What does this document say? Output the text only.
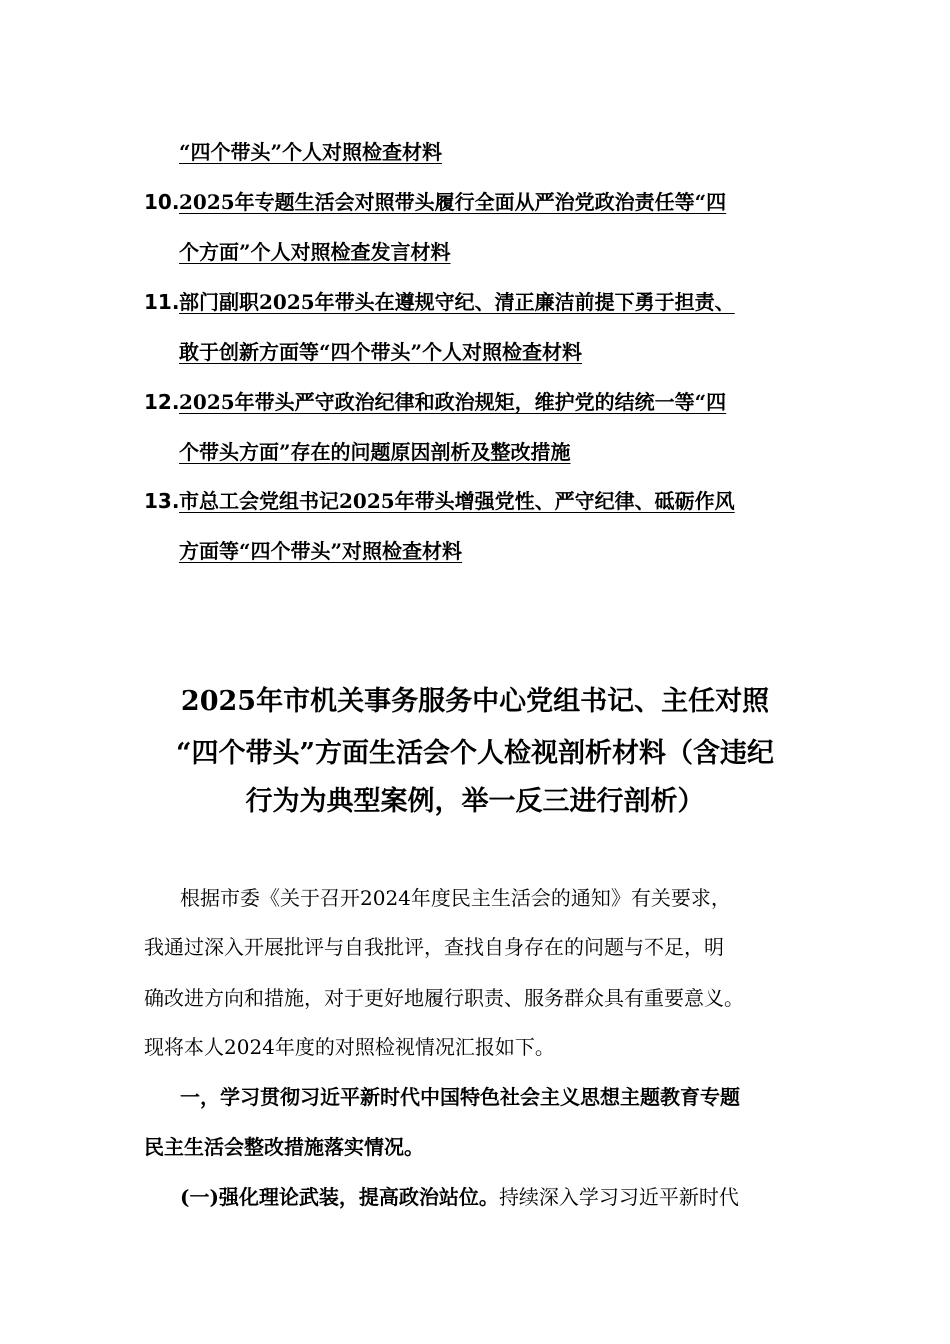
“四个带头”个人对照检查材料
10. 2025年专题生活会对照带头履行全面从严治党政治责任等“四
个方面”个人对照检查发言材料
11. 部门副职2025年带头在遵规守纪、清正廉洁前提下勇于担责、
敢于创新方面等“四个带头”个人对照检查材料
12. 2025年带头严守政治纪律和政治规矩，维护党的结统一等“四
个带头方面”存在的问题原因剖析及整改措施
13. 市总工会党组书记2025年带头增强党性、严守纪律、砥砺作风
方面等“四个带头”对照检查材料
2025年市机关事务服务中心党组书记、主任对照
“四个带头”方面生活会个人检视剖析材料（含违纪
行为为典型案例，举一反三进行剖析）
根据市委《关于召开2024年度民主生活会的通知》有关要求，
我通过深入开展批评与自我批评，查找自身存在的问题与不足，明
确改进方向和措施，对于更好地履行职责、服务群众具有重要意义。
现将本人2024年度的对照检视情况汇报如下。
一，学习贯彻习近平新时代中国特色社会主义思想主题教育专题
民主生活会整改措施落实情况。
(一)强化理论武装，提高政治站位。持续深入学习习近平新时代
